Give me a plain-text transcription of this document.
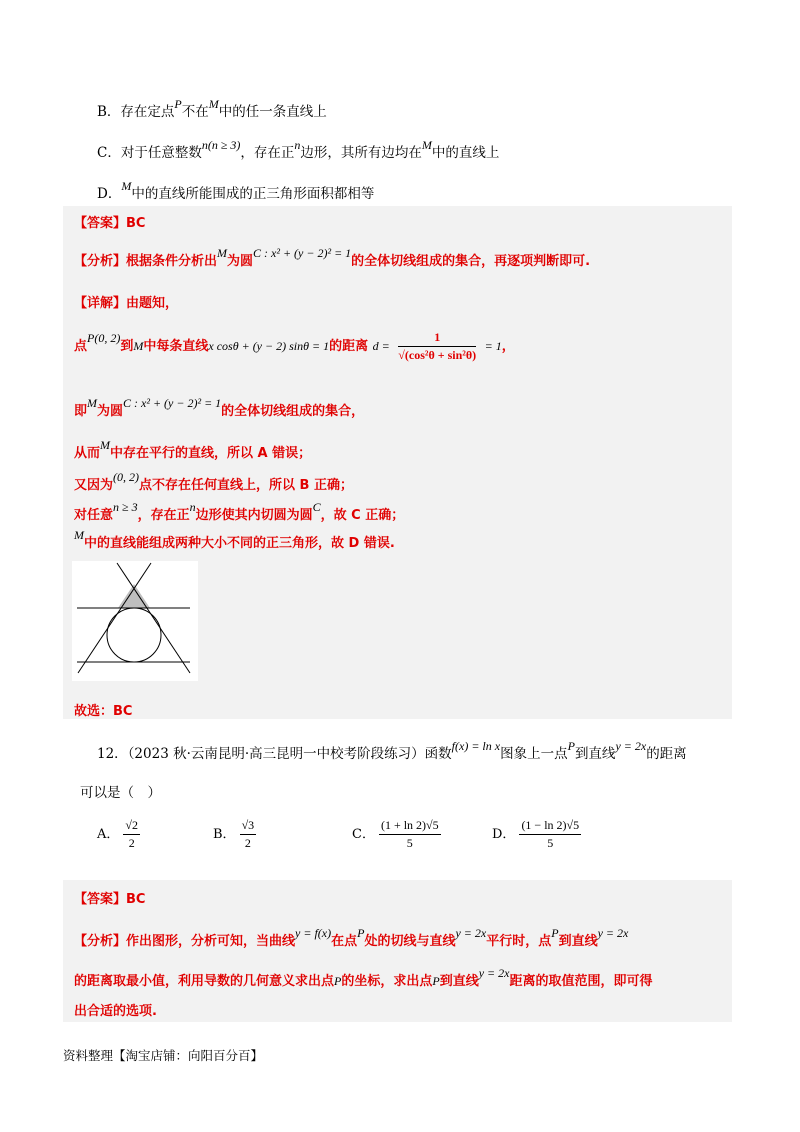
B．存在定点P不在M中的任一条直线上
C．对于任意整数n(n ≥ 3)，存在正n边形，其所有边均在M中的直线上
D．M中的直线所能围成的正三角形面积都相等
【答案】BC
【分析】根据条件分析出M为圆C : x² + (y − 2)² = 1的全体切线组成的集合，再逐项判断即可.
【详解】由题知，
点P(0, 2)到M中每条直线x cosθ + (y − 2) sinθ = 1的距离 $d = \frac{1}{\text{√(cos²θ + sin²θ)}} = 1$，
即M为圆C : x² + (y − 2)² = 1的全体切线组成的集合，
从而M中存在平行的直线，所以 A 错误；
又因为(0, 2)点不存在任何直线上，所以 B 正确；
对任意n ≥ 3，存在正n边形使其内切圆为圆C，故 C 正确；
M中的直线能组成两种大小不同的正三角形，故 D 错误.
故选：BC
12．（2023 秋·云南昆明·高三昆明一中校考阶段练习）函数f(x) = ln x图象上一点P到直线y = 2x的距离
可以是（　）
A． $\frac{√2}{2}$	B． $\frac{√3}{2}$	C． $\frac{(1 + \ln 2)√5}{5}$	D． $\frac{(1 - \ln 2)√5}{5}$
【答案】BC
【分析】作出图形，分析可知，当曲线y = f(x)在点P处的切线与直线y = 2x平行时，点P到直线y = 2x
的距离取最小值，利用导数的几何意义求出点P的坐标，求出点P到直线y = 2x距离的取值范围，即可得
出合适的选项.
资料整理【淘宝店铺：向阳百分百】
